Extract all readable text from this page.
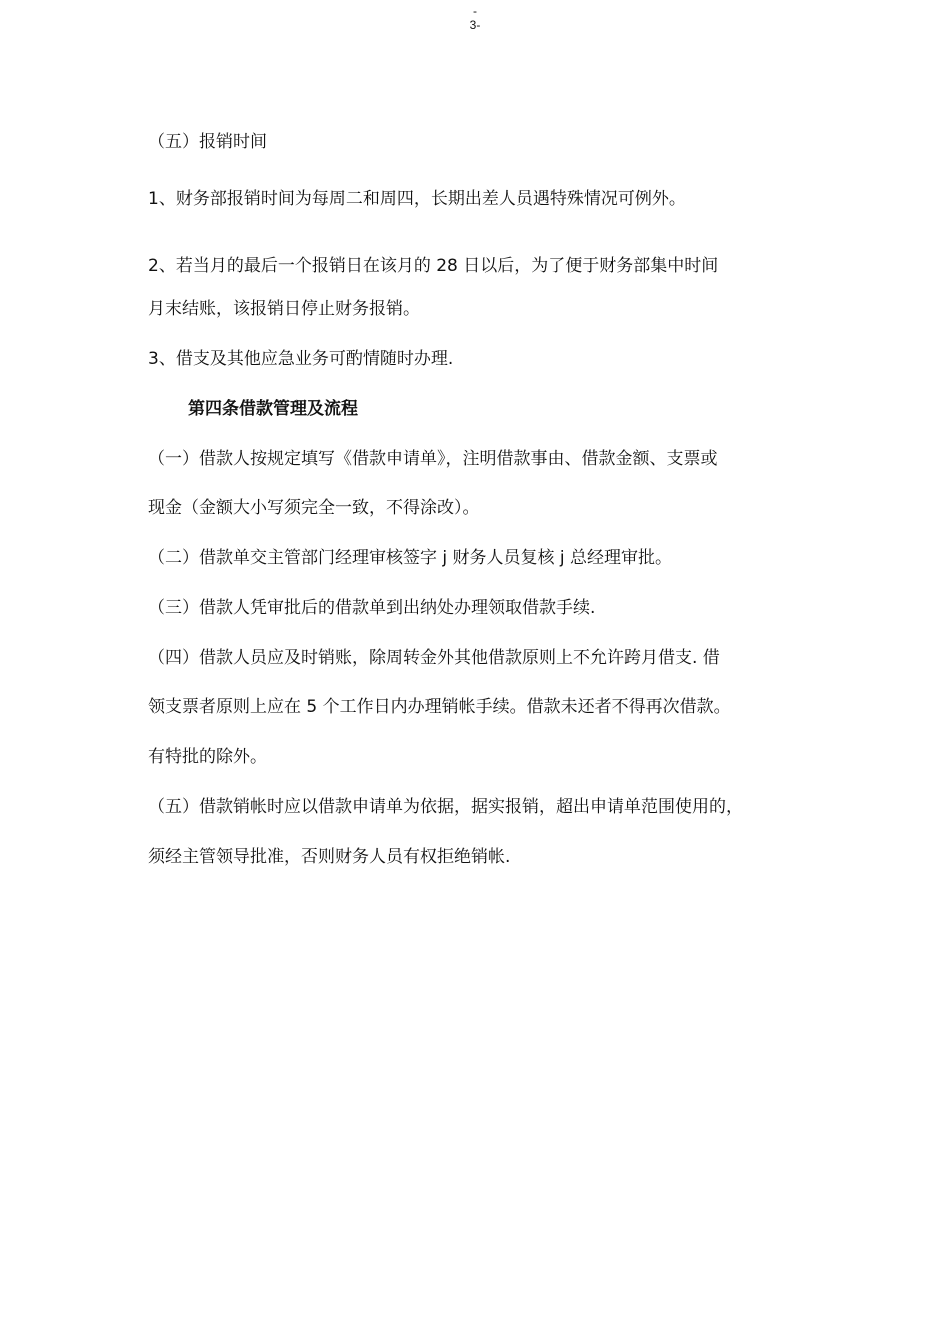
-
3-
（五）报销时间
1、财务部报销时间为每周二和周四，长期出差人员遇特殊情况可例外。
2、若当月的最后一个报销日在该月的 28 日以后，为了便于财务部集中时间
月末结账，该报销日停止财务报销。
3、借支及其他应急业务可酌情随时办理.
第四条借款管理及流程
（一）借款人按规定填写《借款申请单》，注明借款事由、借款金额、支票或
现金（金额大小写须完全一致，不得涂改）。
（二）借款单交主管部门经理审核签字 j 财务人员复核 j 总经理审批。
（三）借款人凭审批后的借款单到出纳处办理领取借款手续.
（四）借款人员应及时销账，除周转金外其他借款原则上不允许跨月借支. 借
领支票者原则上应在 5 个工作日内办理销帐手续。借款未还者不得再次借款。
有特批的除外。
（五）借款销帐时应以借款申请单为依据，据实报销，超出申请单范围使用的，
须经主管领导批准，否则财务人员有权拒绝销帐.
